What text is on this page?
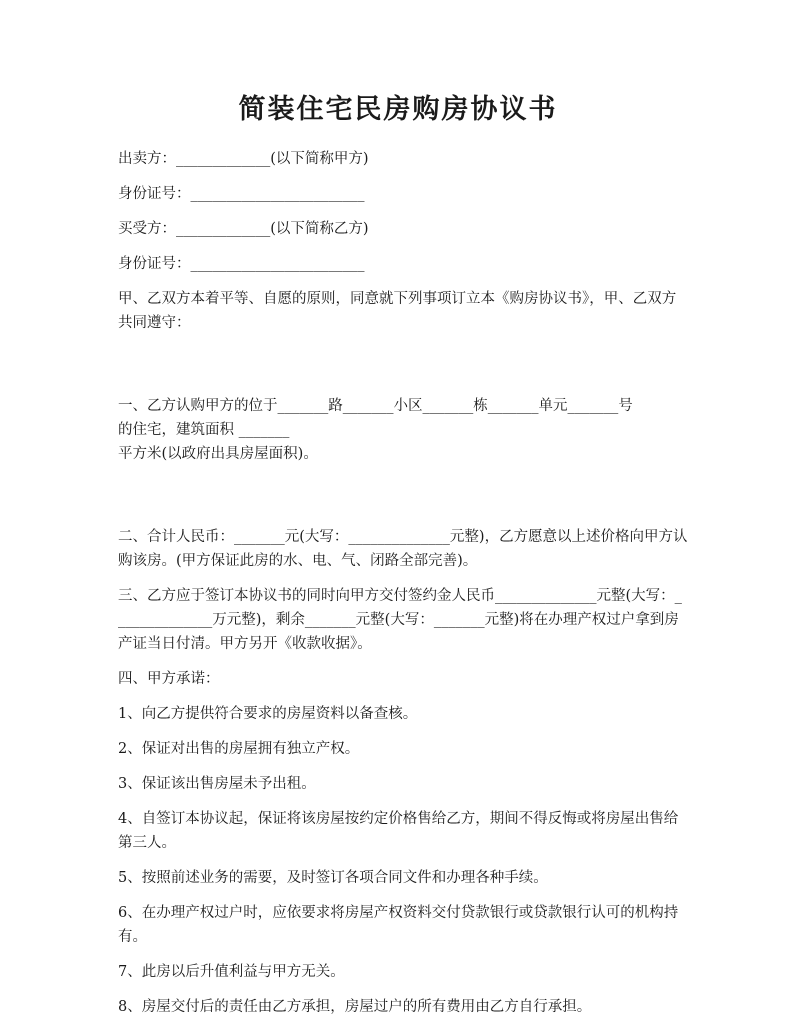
简装住宅民房购房协议书

出卖方：_____________(以下简称甲方)

身份证号：________________________

买受方：_____________(以下简称乙方)

身份证号：________________________

甲、乙双方本着平等、自愿的原则，同意就下列事项订立本《购房协议书》，甲、乙双方共同遵守：

一、乙方认购甲方的位于_______路_______小区_______栋_______单元_______号
的住宅，建筑面积 _______
平方米(以政府出具房屋面积)。

二、合计人民币：_______元(大写：______________元整)，乙方愿意以上述价格向甲方认购该房。(甲方保证此房的水、电、气、闭路全部完善)。

三、乙方应于签订本协议书的同时向甲方交付签约金人民币______________元整(大写：______________万元整)，剩余_______元整(大写：_______元整)将在办理产权过户拿到房产证当日付清。甲方另开《收款收据》。

四、甲方承诺：

1、向乙方提供符合要求的房屋资料以备查核。

2、保证对出售的房屋拥有独立产权。

3、保证该出售房屋未予出租。

4、自签订本协议起，保证将该房屋按约定价格售给乙方，期间不得反悔或将房屋出售给第三人。

5、按照前述业务的需要，及时签订各项合同文件和办理各种手续。

6、在办理产权过户时，应依要求将房屋产权资料交付贷款银行或贷款银行认可的机构持有。

7、此房以后升值利益与甲方无关。

8、房屋交付后的责任由乙方承担，房屋过户的所有费用由乙方自行承担。
